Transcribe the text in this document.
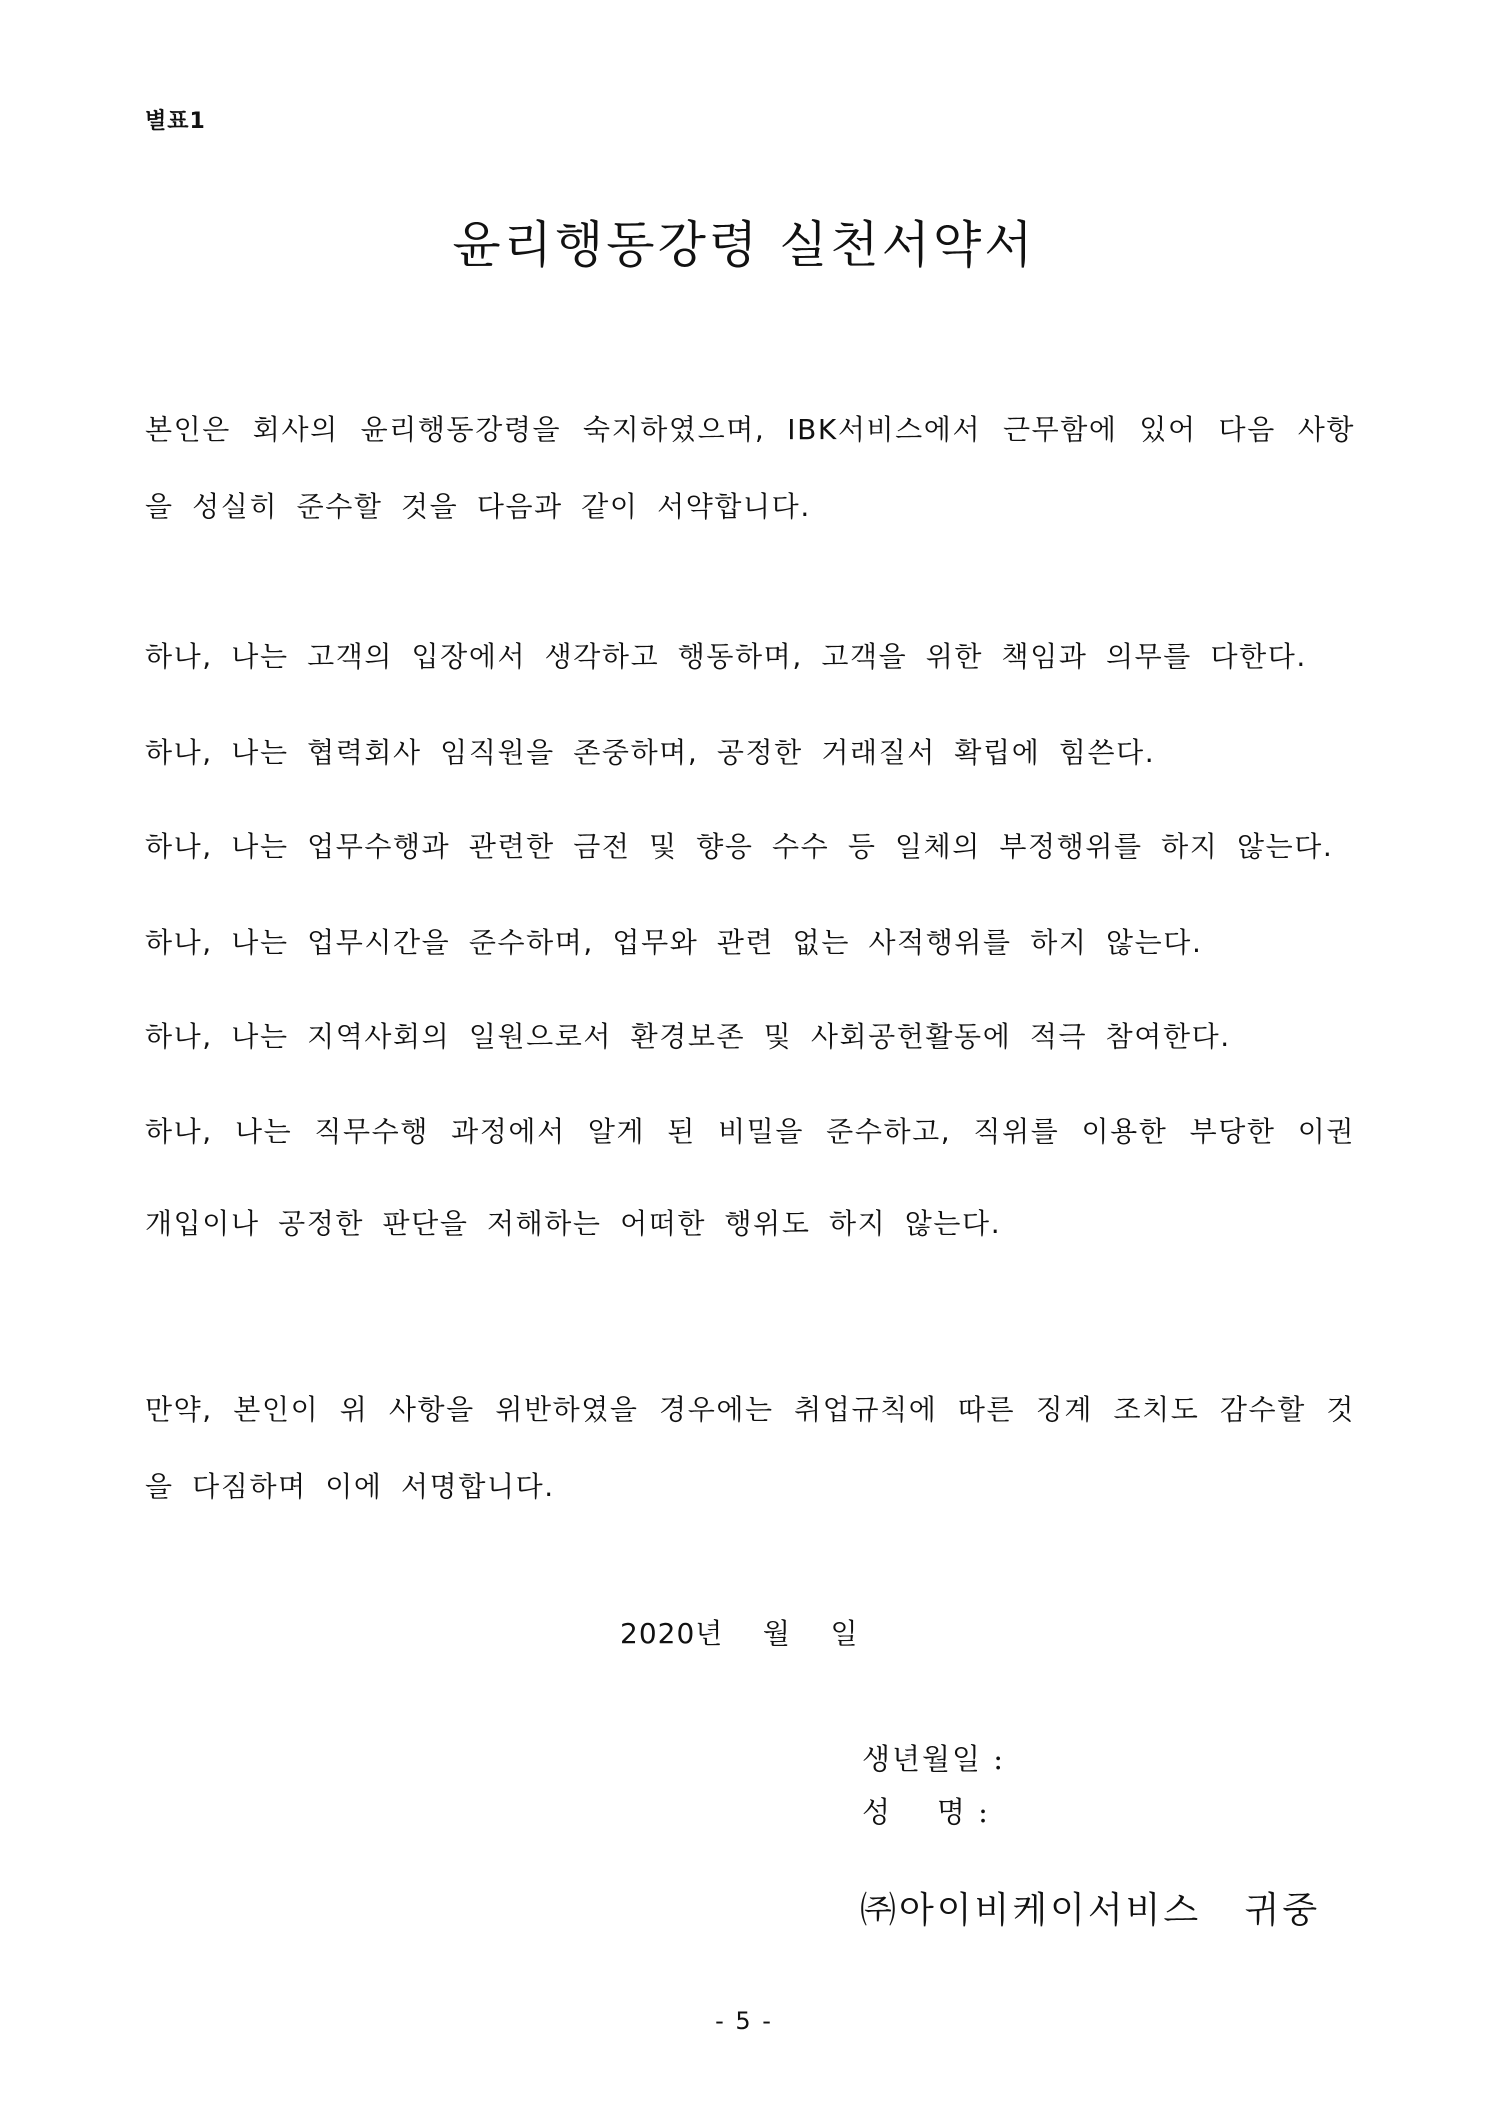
별표1
윤리행동강령 실천서약서
본인은 회사의 윤리행동강령을 숙지하였으며, IBK서비스에서 근무함에 있어 다음 사항
을 성실히 준수할 것을 다음과 같이 서약합니다.
하나, 나는 고객의 입장에서 생각하고 행동하며, 고객을 위한 책임과 의무를 다한다.
하나, 나는 협력회사 임직원을 존중하며, 공정한 거래질서 확립에 힘쓴다.
하나, 나는 업무수행과 관련한 금전 및 향응 수수 등 일체의 부정행위를 하지 않는다.
하나, 나는 업무시간을 준수하며, 업무와 관련 없는 사적행위를 하지 않는다.
하나, 나는 지역사회의 일원으로서 환경보존 및 사회공헌활동에 적극 참여한다.
하나, 나는 직무수행 과정에서 알게 된 비밀을 준수하고, 직위를 이용한 부당한 이권
개입이나 공정한 판단을 저해하는 어떠한 행위도 하지 않는다.
만약, 본인이 위 사항을 위반하였을 경우에는 취업규칙에 따른 징계 조치도 감수할 것
을 다짐하며 이에 서명합니다.
2020년    월    일
생년월일 :
성    명 :
㈜아이비케이서비스   귀중
- 5 -
